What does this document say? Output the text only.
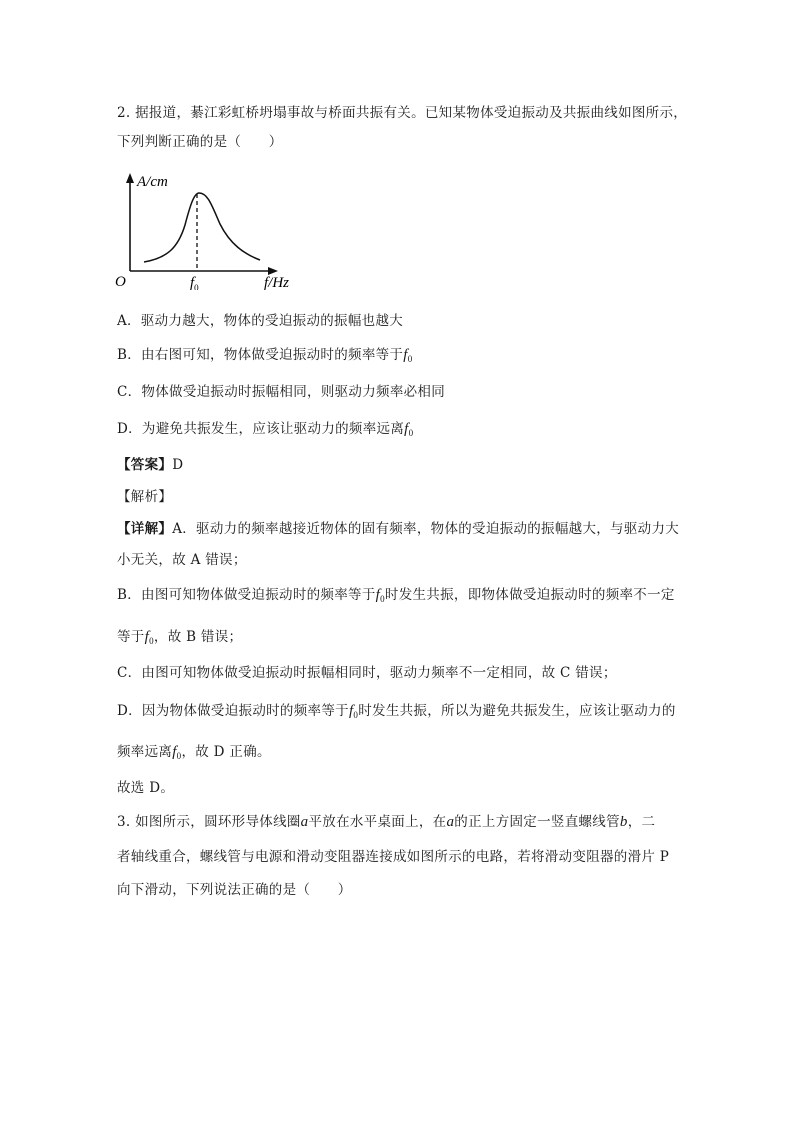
2. 据报道，綦江彩虹桥坍塌事故与桥面共振有关。已知某物体受迫振动及共振曲线如图所示，
下列判断正确的是（　　）
A/cm
f/Hz
O	$f_0$
A．驱动力越大，物体的受迫振动的振幅也越大
B．由右图可知，物体做受迫振动时的频率等于$f_0$
C．物体做受迫振动时振幅相同，则驱动力频率必相同
D．为避免共振发生，应该让驱动力的频率远离$f_0$
【答案】D
【解析】
【详解】A．驱动力的频率越接近物体的固有频率，物体的受迫振动的振幅越大，与驱动力大
小无关，故 A 错误；
B．由图可知物体做受迫振动时的频率等于$f_0$时发生共振，即物体做受迫振动时的频率不一定
等于$f_0$，故 B 错误；
C．由图可知物体做受迫振动时振幅相同时，驱动力频率不一定相同，故 C 错误；
D．因为物体做受迫振动时的频率等于$f_0$时发生共振，所以为避免共振发生，应该让驱动力的
频率远离$f_0$，故 D 正确。
故选 D。
3. 如图所示，圆环形导体线圈a平放在水平桌面上，在a的正上方固定一竖直螺线管b，二
者轴线重合，螺线管与电源和滑动变阻器连接成如图所示的电路，若将滑动变阻器的滑片 P
向下滑动，下列说法正确的是（　　）
